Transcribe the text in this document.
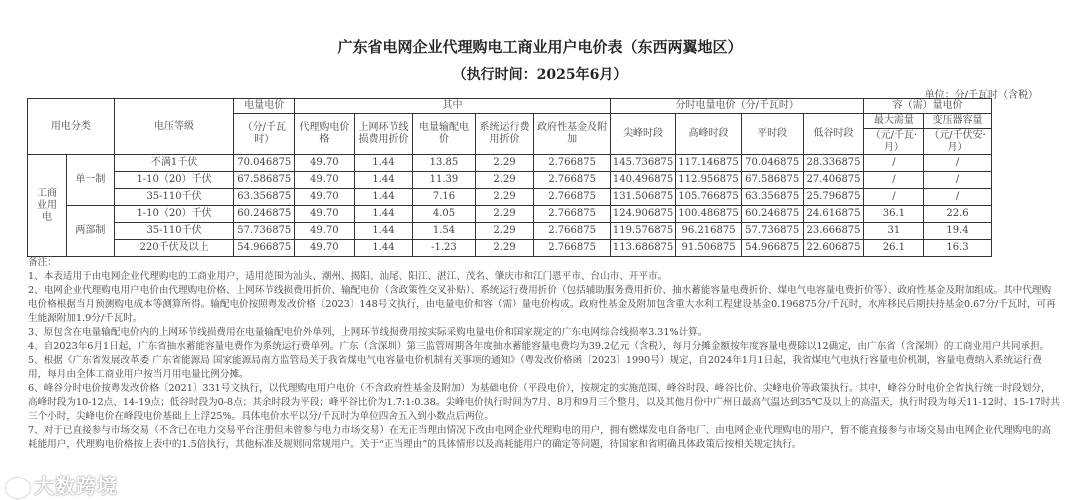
广东省电网企业代理购电工商业用户电价表（东西两翼地区）
（执行时间：2025年6月）
单位：分/千瓦时（含税）
用电分类		电压等级	电量电价	其中					分时电量电价（分/千瓦时）				容（需）量电价	
			（分/千瓦时）	代理购电价格	上网环节线损费用折价	电量输配电价	系统运行费用折价	政府性基金及附加	尖峰时段	高峰时段	平时段	低谷时段	最大需量	变压器容量
													（元/千瓦·月）	（元/千伏安·月）
工商业用电	单一制	不满1千伏	70.046875	49.70	1.44	13.85	2.29	2.766875	145.736875	117.146875	70.046875	28.336875	/	/
		1-10（20）千伏	67.586875	49.70	1.44	11.39	2.29	2.766875	140.496875	112.956875	67.586875	27.406875	/	/
		35-110千伏	63.356875	49.70	1.44	7.16	2.29	2.766875	131.506875	105.766875	63.356875	25.796875	/	/
	两部制	1-10（20）千伏	60.246875	49.70	1.44	4.05	2.29	2.766875	124.906875	100.486875	60.246875	24.616875	36.1	22.6
		35-110千伏	57.736875	49.70	1.44	1.54	2.29	2.766875	119.576875	96.216875	57.736875	23.666875	31	19.4
		220千伏及以上	54.966875	49.70	1.44	-1.23	2.29	2.766875	113.686875	91.506875	54.966875	22.606875	26.1	16.3

备注：

1、本表适用于由电网企业代理购电的工商业用户，适用范围为汕头、潮州、揭阳、汕尾、阳江、湛江、茂名、肇庆市和江门恩平市、台山市、开平市。

2、电网企业代理购电用户电价由代理购电价格、上网环节线损费用折价、输配电价（含政策性交叉补贴）、系统运行费用折价（包括辅助服务费用折价、抽水蓄能容量电费折价、煤电气电容量电费折价等）、政府性基金及附加组成。其中代理购电价格根据当月预测购电成本等测算所得。输配电价按照粤发改价格〔2023〕148号文执行，由电量电价和容（需）量电价构成。政府性基金及附加包含重大水利工程建设基金0.196875分/千瓦时，水库移民后期扶持基金0.67分/千瓦时，可再生能源附加1.9分/千瓦时。

3、原包含在电量输配电价内的上网环节线损费用在电量输配电价外单列，上网环节线损费用按实际采购电量电价和国家规定的广东电网综合线损率3.31%计算。

4、自2023年6月1日起，广东省抽水蓄能容量电费作为系统运行费单列。广东（含深圳）第三监管周期各年度抽水蓄能容量电费均为39.2亿元（含税），每月分摊金额按年度容量电费除以12确定，由广东省（含深圳）的工商业用户共同承担。

5、根据《广东省发展改革委 广东省能源局 国家能源局南方监管局关于我省煤电气电容量电价机制有关事项的通知》（粤发改价格函〔2023〕1990号）规定，自2024年1月1日起，我省煤电气电执行容量电价机制，容量电费纳入系统运行费用，每月由全体工商业用户按当月用电量比例分摊。

6、峰谷分时电价按粤发改价格〔2021〕331号文执行，以代理购电用户电价（不含政府性基金及附加）为基础电价（平段电价），按规定的实施范围、峰谷时段、峰谷比价、尖峰电价等政策执行。其中，峰谷分时电价全省执行统一时段划分，高峰时段为10-12点、14-19点；低谷时段为0-8点；其余时段为平段；峰平谷比价为1.7:1:0.38。尖峰电价执行时间为7月、8月和9月三个整月，以及其他月份中广州日最高气温达到35℃及以上的高温天，执行时段为每天11-12时、15-17时共三个小时，尖峰电价在峰段电价基础上上浮25%。具体电价水平以分/千瓦时为单位四舍五入到小数点后两位。

7、对于已直接参与市场交易（不含已在电力交易平台注册但未曾参与电力市场交易）在无正当理由情况下改由电网企业代理购电的用户，拥有燃煤发电自备电厂、由电网企业代理购电的用户，暂不能直接参与市场交易由电网企业代理购电的高耗能用户，代理购电价格按上表中的1.5倍执行，其他标准及规则同常规用户。关于“正当理由”的具体情形以及高耗能用户的确定等问题，待国家和省明确具体政策后按相关规定执行。

大数跨境
